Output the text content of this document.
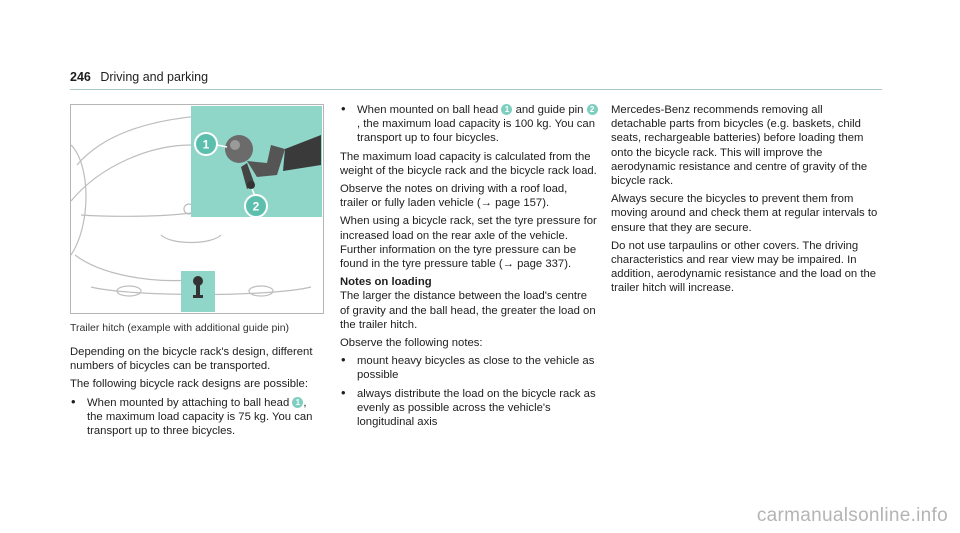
246 Driving and parking
1
2
Trailer hitch (example with additional guide pin)

Depending on the bicycle rack's design, different numbers of bicycles can be transported.

The following bicycle rack designs are possible:

• When mounted by attaching to ball head 1 , the maximum load capacity is 75 kg. You can transport up to three bicycles.
• When mounted on ball head 1 and guide pin 2, the maximum load capacity is 100 kg. You can transport up to four bicycles.

The maximum load capacity is calculated from the weight of the bicycle rack and the bicycle rack load.

Observe the notes on driving with a roof load, trailer or fully laden vehicle (→ page 157).

When using a bicycle rack, set the tyre pressure for increased load on the rear axle of the vehicle. Further information on the tyre pressure can be found in the tyre pressure table (→ page 337).

Notes on loading

The larger the distance between the load's centre of gravity and the ball head, the greater the load on the trailer hitch.

Observe the following notes:

• mount heavy bicycles as close to the vehicle as possible
• always distribute the load on the bicycle rack as evenly as possible across the vehicle's longitudinal axis

Mercedes-Benz recommends removing all detachable parts from bicycles (e.g. baskets, child seats, rechargeable batteries) before loading them onto the bicycle rack. This will improve the aerodynamic resistance and centre of gravity of the bicycle rack.

Always secure the bicycles to prevent them from moving around and check them at regular intervals to ensure that they are secure.

Do not use tarpaulins or other covers. The driving characteristics and rear view may be impaired. In addition, aerodynamic resistance and the load on the trailer hitch will increase.

carmanualsonline.info
